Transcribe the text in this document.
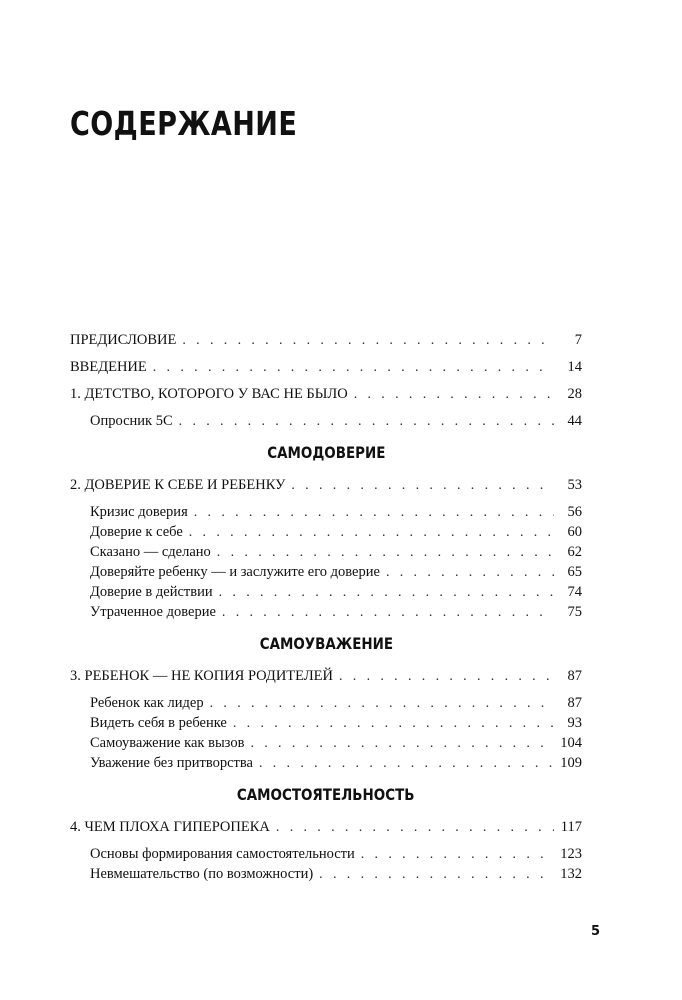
СОДЕРЖАНИЕ
ПРЕДИСЛОВИЕ . . .	7
ВВЕДЕНИЕ . . .	14
1. ДЕТСТВО, КОТОРОГО У ВАС НЕ БЫЛО . . .	28
Опросник 5С . . .	44
САМОДОВЕРИЕ
2. ДОВЕРИЕ К СЕБЕ И РЕБЕНКУ . . .	53
Кризис доверия . . .	56
Доверие к себе . . .	60
Сказано — сделано . . .	62
Доверяйте ребенку — и заслужите его доверие . . .	65
Доверие в действии . . .	74
Утраченное доверие . . .	75
САМОУВАЖЕНИЕ
3. РЕБЕНОК — НЕ КОПИЯ РОДИТЕЛЕЙ . . .	87
Ребенок как лидер . . .	87
Видеть себя в ребенке . . .	93
Самоуважение как вызов . . .	104
Уважение без притворства . . .	109
САМОСТОЯТЕЛЬНОСТЬ
4. ЧЕМ ПЛОХА ГИПЕРОПЕКА . . .	117
Основы формирования самостоятельности . . .	123
Невмешательство (по возможности) . . .	132
5
